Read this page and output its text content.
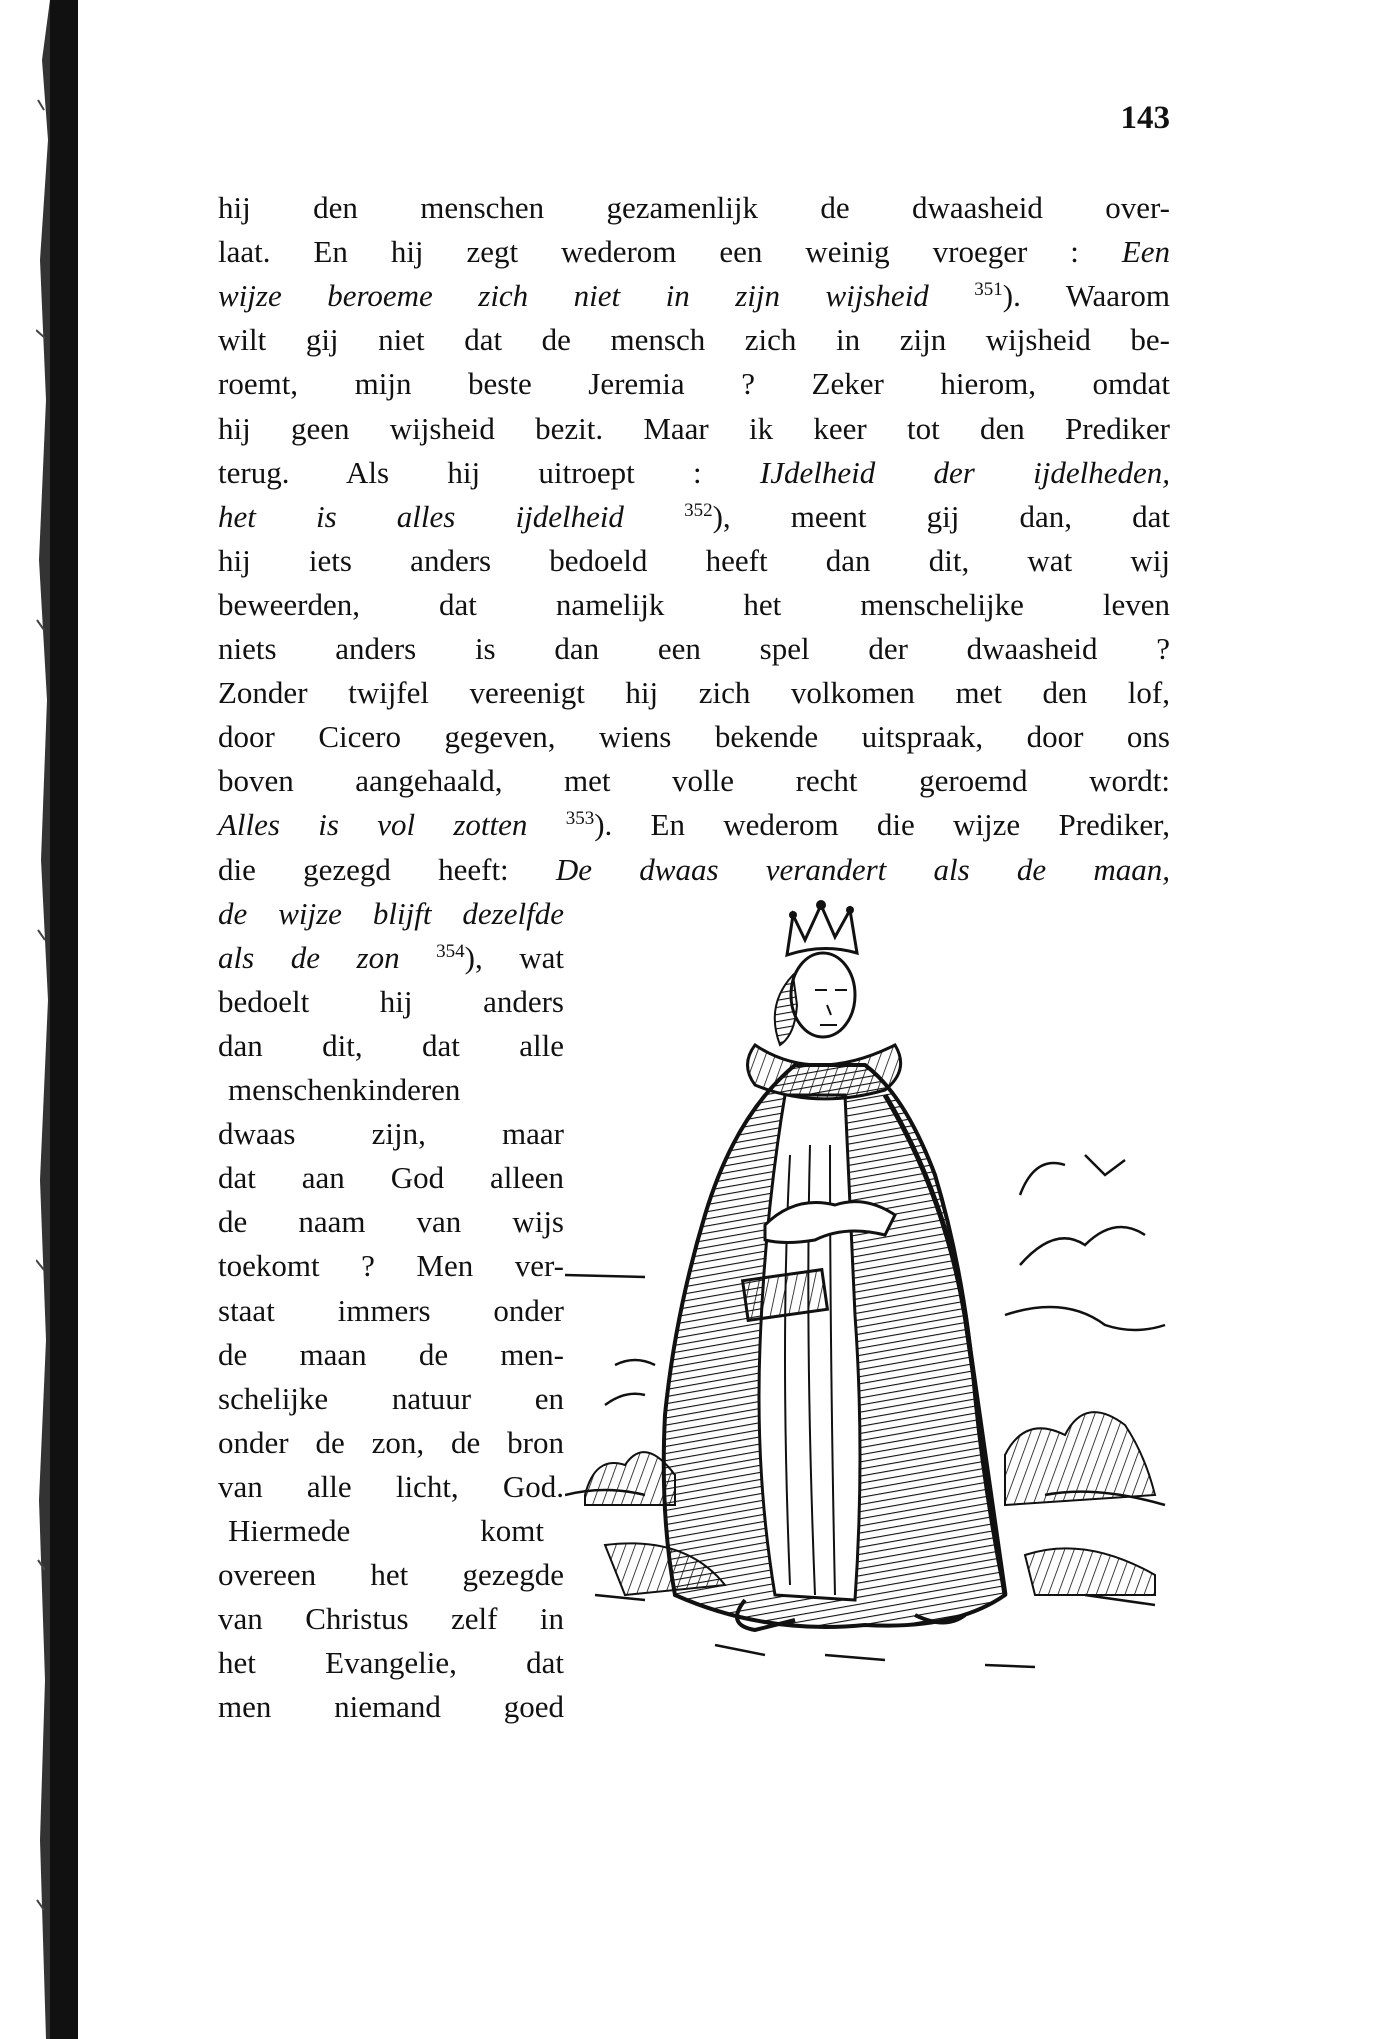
143
hij den menschen gezamenlijk de dwaasheid over-
laat. En hij zegt wederom een weinig vroeger : Een
wijze beroeme zich niet in zijn wijsheid $^{351}$). Waarom
wilt gij niet dat de mensch zich in zijn wijsheid be-
roemt, mijn beste Jeremia ? Zeker hierom, omdat
hij geen wijsheid bezit. Maar ik keer tot den Prediker
terug. Als hij uitroept : IJdelheid der ijdelheden,
het is alles ijdelheid $^{352}$), meent gij dan, dat
hij iets anders bedoeld heeft dan dit, wat wij
beweerden, dat namelijk het menschelijke leven
niets anders is dan een spel der dwaasheid ?
Zonder twijfel vereenigt hij zich volkomen met den lof,
door Cicero gegeven, wiens bekende uitspraak, door ons
boven aangehaald, met volle recht geroemd wordt:
Alles is vol zotten $^{353}$). En wederom die wijze Prediker,
die gezegd heeft: De dwaas verandert als de maan,
de wijze blijft dezelfde
als de zon $^{354}$), wat
bedoelt hij anders
dan dit, dat alle
menschenkinderen
dwaas zijn, maar
dat aan God alleen
de naam van wijs
toekomt ? Men ver-
staat immers onder
de maan de men-
schelijke natuur en
onder de zon, de bron
van alle licht, God.
Hiermede komt
overeen het gezegde
van Christus zelf in
het Evangelie, dat
men niemand goed
